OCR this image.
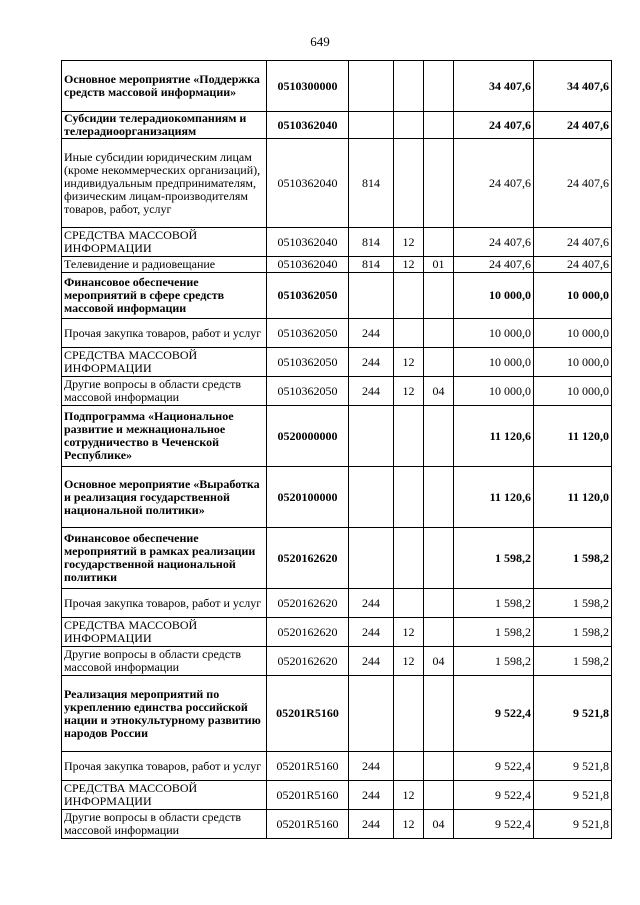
649
Основное мероприятие «Поддержка средств массовой информации»	0510300000				34 407,6	34 407,6
Субсидии телерадиокомпаниям и телерадиоорганизациям	0510362040				24 407,6	24 407,6
Иные субсидии юридическим лицам (кроме некоммерческих организаций), индивидуальным предпринимателям, физическим лицам-производителям товаров, работ, услуг	0510362040	814			24 407,6	24 407,6
СРЕДСТВА МАССОВОЙ ИНФОРМАЦИИ	0510362040	814	12		24 407,6	24 407,6
Телевидение и радиовещание	0510362040	814	12	01	24 407,6	24 407,6
Финансовое обеспечение мероприятий в сфере средств массовой информации	0510362050				10 000,0	10 000,0
Прочая закупка товаров, работ и услуг	0510362050	244			10 000,0	10 000,0
СРЕДСТВА МАССОВОЙ ИНФОРМАЦИИ	0510362050	244	12		10 000,0	10 000,0
Другие вопросы в области средств массовой информации	0510362050	244	12	04	10 000,0	10 000,0
Подпрограмма «Национальное развитие и межнациональное сотрудничество в Чеченской Республике»	0520000000				11 120,6	11 120,0
Основное мероприятие «Выработка и реализация государственной национальной политики»	0520100000				11 120,6	11 120,0
Финансовое обеспечение мероприятий в рамках реализации государственной национальной политики	0520162620				1 598,2	1 598,2
Прочая закупка товаров, работ и услуг	0520162620	244			1 598,2	1 598,2
СРЕДСТВА МАССОВОЙ ИНФОРМАЦИИ	0520162620	244	12		1 598,2	1 598,2
Другие вопросы в области средств массовой информации	0520162620	244	12	04	1 598,2	1 598,2
Реализация мероприятий по укреплению единства российской нации и этнокультурному развитию народов России	05201R5160				9 522,4	9 521,8
Прочая закупка товаров, работ и услуг	05201R5160	244			9 522,4	9 521,8
СРЕДСТВА МАССОВОЙ ИНФОРМАЦИИ	05201R5160	244	12		9 522,4	9 521,8
Другие вопросы в области средств массовой информации	05201R5160	244	12	04	9 522,4	9 521,8
